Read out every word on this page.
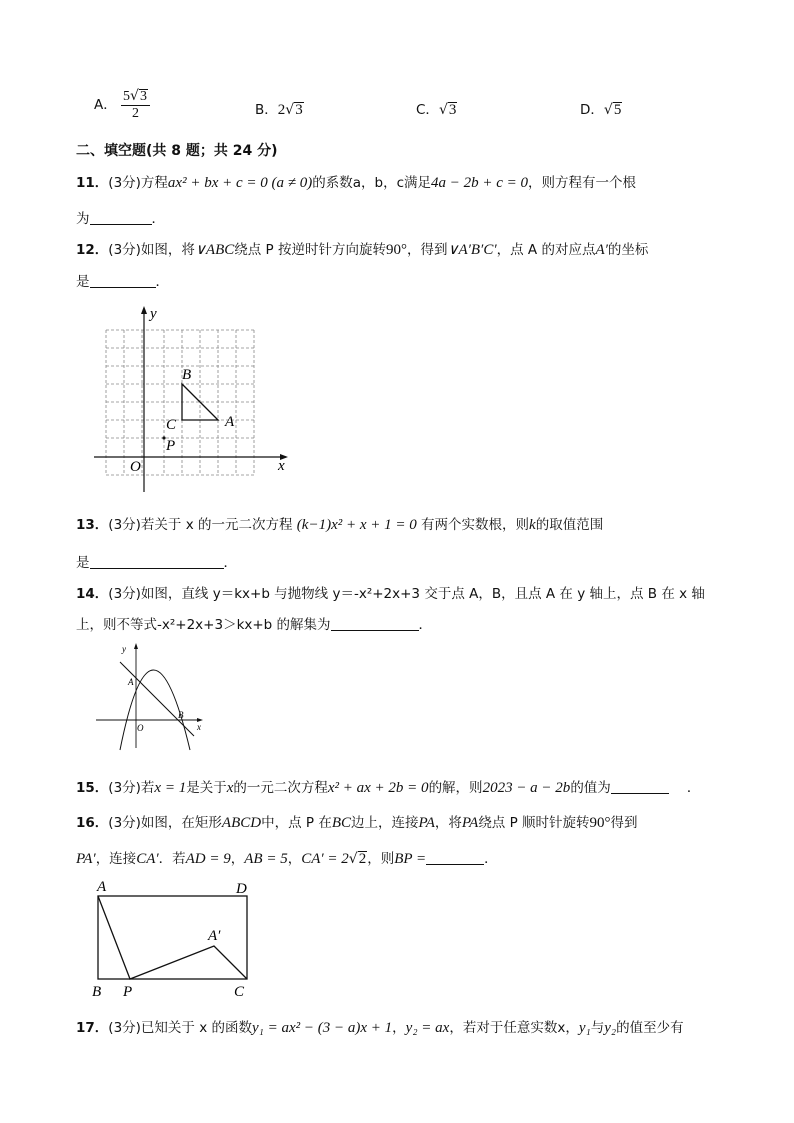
A． $\frac{5√3}{2}$	B．2√3	C．√3	D．√5
二、填空题(共 8 题；共 24 分)
11．(3分)方程ax² + bx + c = 0 (a ≠ 0)的系数a，b，c满足4a − 2b + c = 0，则方程有一个根
为	．
12．(3分)如图，将∨ABC绕点 P 按逆时针方向旋转90°，得到∨A′B′C′，点 A 的对应点A′的坐标
是	．
y
x
O
B
A
C
P
13．(3分)若关于 x 的一元二次方程 (k−1)x² + x + 1 = 0 有两个实数根，则k的取值范围
是	．
14．(3分)如图，直线 y＝kx+b 与抛物线 y＝-x²+2x+3 交于点 A，B，且点 A 在 y 轴上，点 B 在 x 轴
上，则不等式-x²+2x+3＞kx+b 的解集为	．
y
x
O
A
B
15．(3分)若x = 1是关于x的一元二次方程x² + ax + 2b = 0的解，则2023 − a − 2b的值为	．
16．(3分)如图，在矩形ABCD中，点 P 在BC边上，连接PA，将PA绕点 P 顺时针旋转90°得到
PA′，连接CA′．若AD = 9，AB = 5，CA′ = 2√2，则BP =	．
A	D
B P	C
A′
17．(3分)已知关于 x 的函数y₁ = ax² − (3 − a)x + 1，y₂ = ax，若对于任意实数x，y₁与y₂的值至少有
